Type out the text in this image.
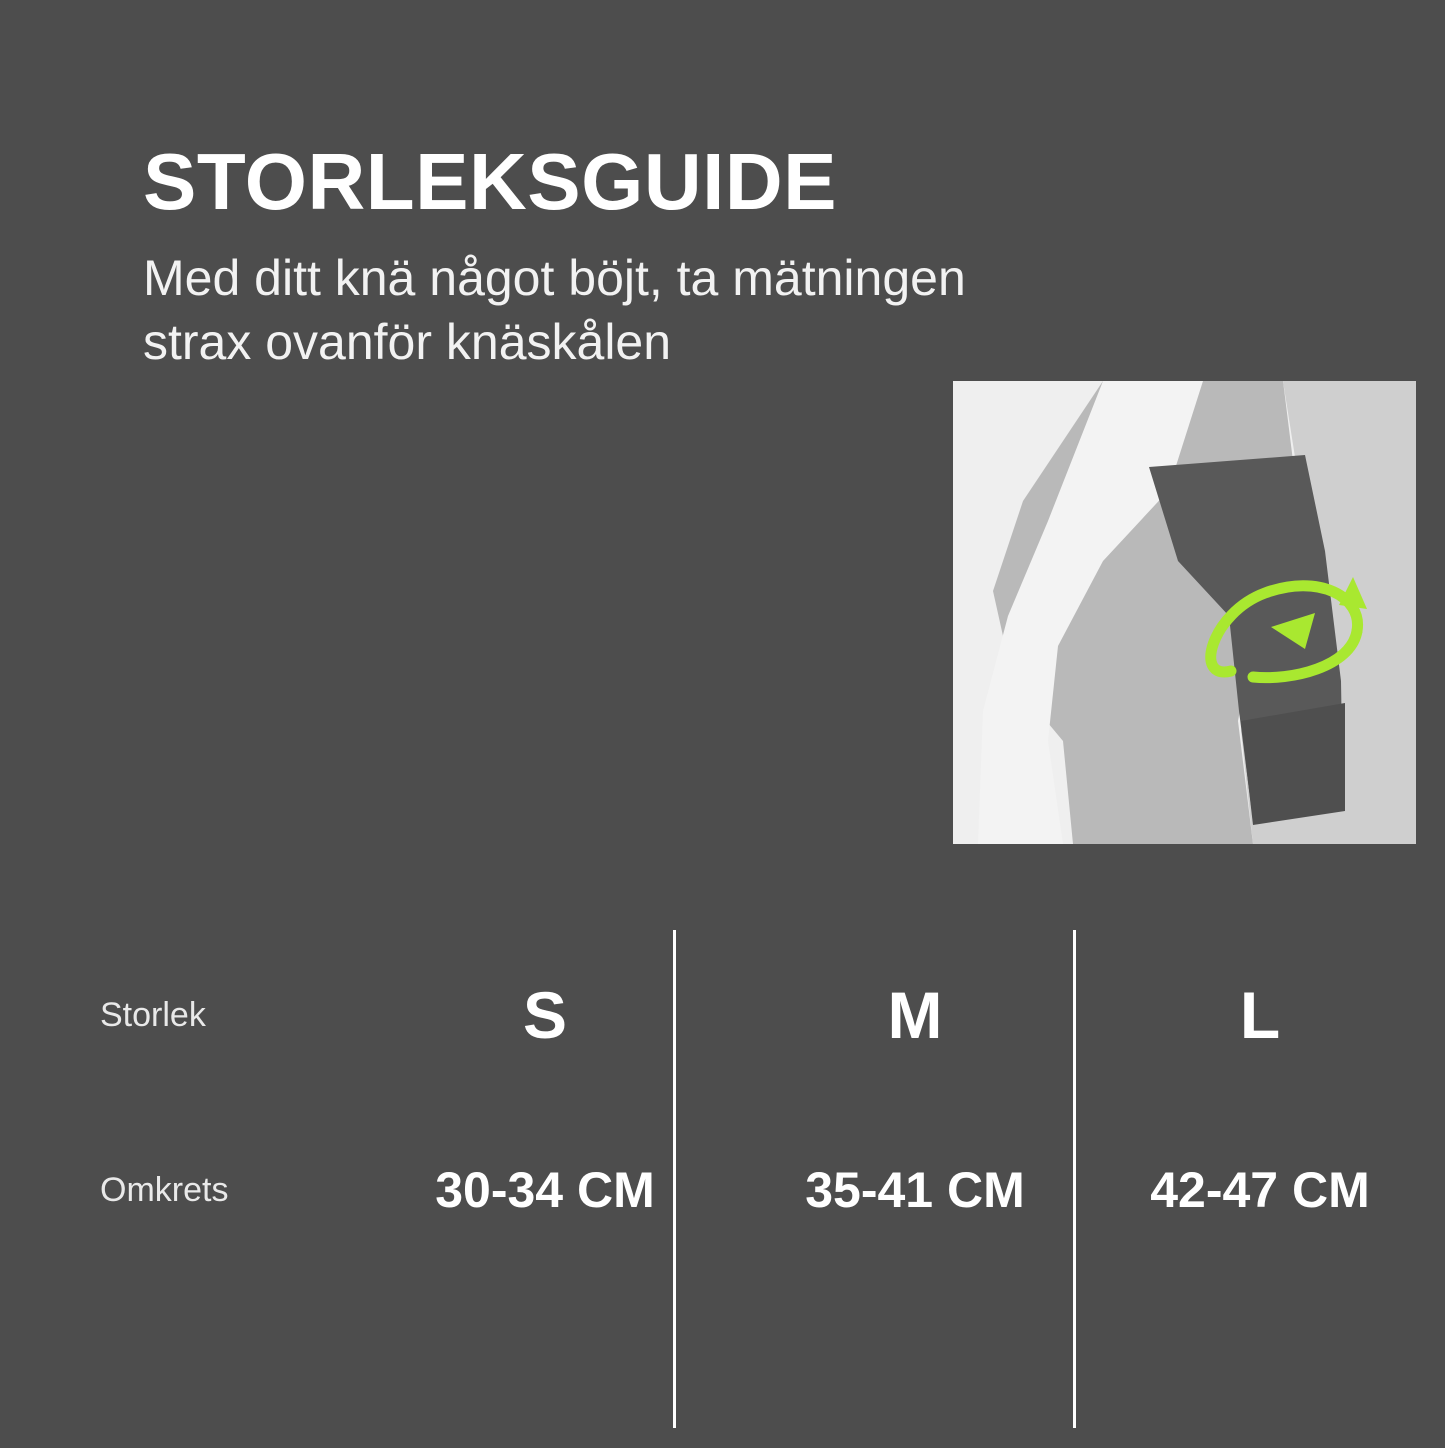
STORLEKSGUIDE

Med ditt knä något böjt, ta mätningen strax ovanför knäskålen

Storlek	S	M	L
Omkrets	30-34 CM	35-41 CM	42-47 CM
